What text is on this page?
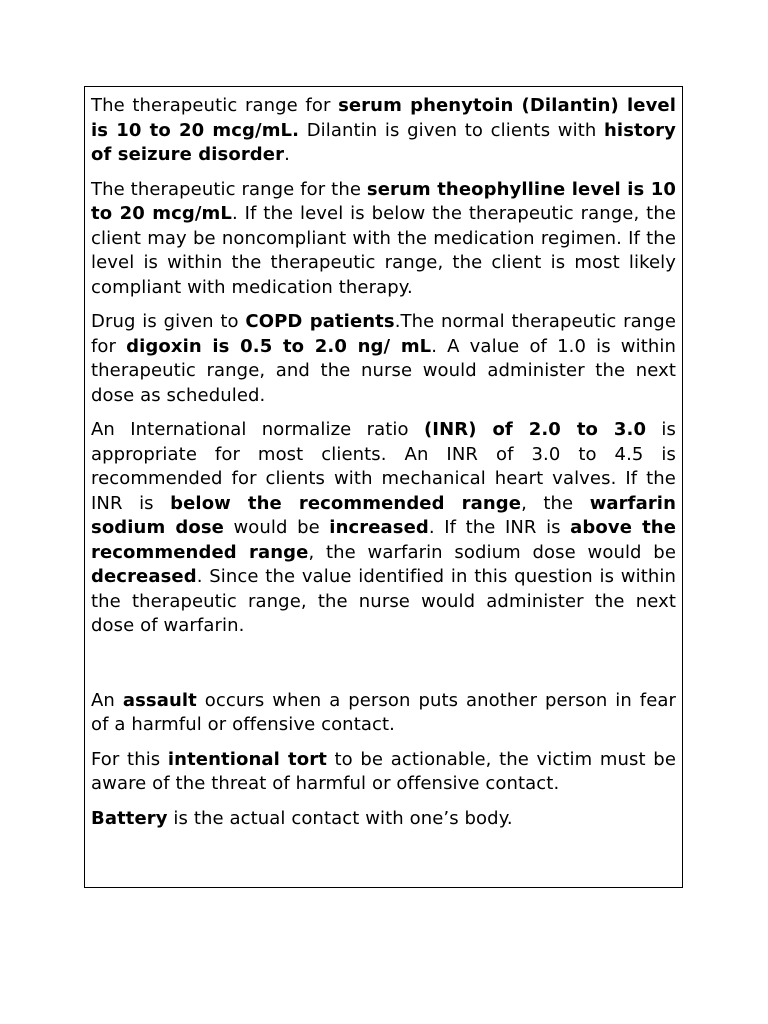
The therapeutic range for serum phenytoin (Dilantin) level is 10 to 20 mcg/mL. Dilantin is given to clients with history of seizure disorder.

The therapeutic range for the serum theophylline level is 10 to 20 mcg/mL. If the level is below the therapeutic range, the client may be noncompliant with the medication regimen. If the level is within the therapeutic range, the client is most likely compliant with medication therapy.

Drug is given to COPD patients.The normal therapeutic range for digoxin is 0.5 to 2.0 ng/ mL. A value of 1.0 is within therapeutic range, and the nurse would administer the next dose as scheduled.

An International normalize ratio (INR) of 2.0 to 3.0 is appropriate for most clients. An INR of 3.0 to 4.5 is recommended for clients with mechanical heart valves. If the INR is below the recommended range, the warfarin sodium dose would be increased. If the INR is above the recommended range, the warfarin sodium dose would be decreased. Since the value identified in this question is within the therapeutic range, the nurse would administer the next dose of warfarin.

An assault occurs when a person puts another person in fear of a harmful or offensive contact.

For this intentional tort to be actionable, the victim must be aware of the threat of harmful or offensive contact.

Battery is the actual contact with one’s body.
